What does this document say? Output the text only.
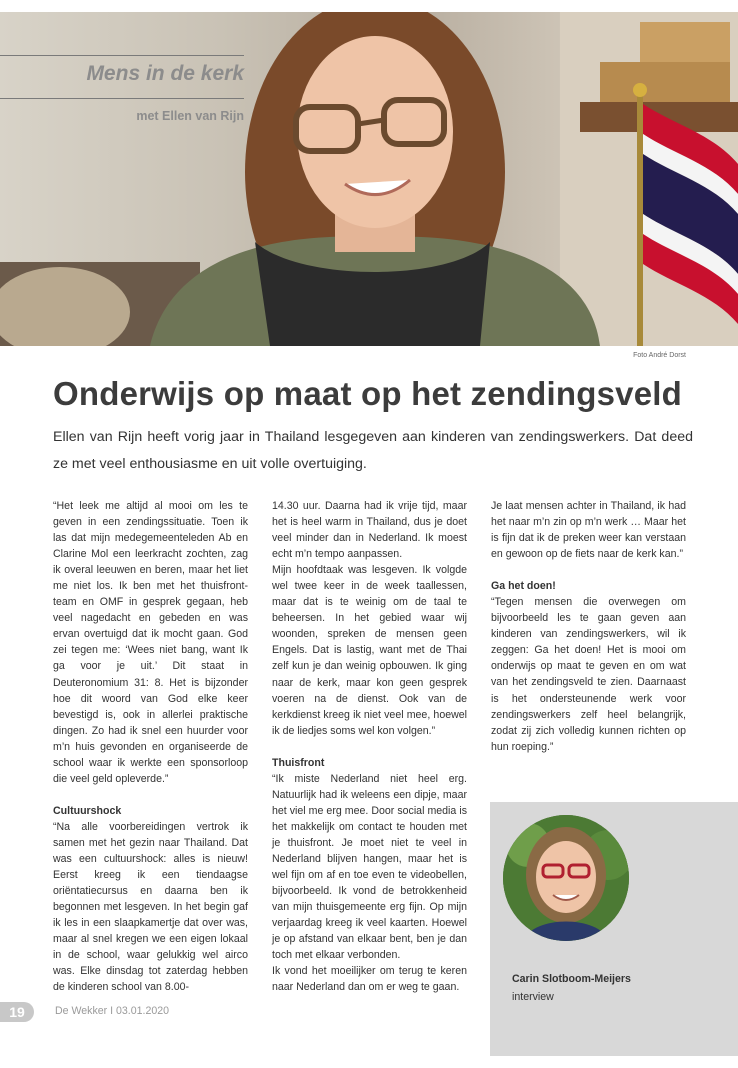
Mens in de kerk
met Ellen van Rijn
Foto André Dorst
Onderwijs op maat op het zendingsveld

Ellen van Rijn heeft vorig jaar in Thailand lesgegeven aan kinderen van zendingswerkers. Dat deed ze met veel enthousiasme en uit volle overtuiging.

“Het leek me altijd al mooi om les te geven in een zendingssituatie. Toen ik las dat mijn medegemeenteleden Ab en Clarine Mol een leerkracht zochten, zag ik overal leeuwen en beren, maar het liet me niet los. Ik ben met het thuisfront-team en OMF in gesprek gegaan, heb veel nagedacht en gebeden en was ervan overtuigd dat ik mocht gaan. God zei tegen me: ‘Wees niet bang, want Ik ga voor je uit.’ Dit staat in Deuteronomium 31: 8. Het is bijzonder hoe dit woord van God elke keer bevestigd is, ook in allerlei praktische dingen. Zo had ik snel een huurder voor m’n huis gevonden en organiseerde de school waar ik werkte een sponsorloop die veel geld opleverde.”

Cultuurshock

“Na alle voorbereidingen vertrok ik samen met het gezin naar Thailand. Dat was een cultuurshock: alles is nieuw! Eerst kreeg ik een tiendaagse oriëntatiecursus en daarna ben ik begonnen met lesgeven. In het begin gaf ik les in een slaapkamertje dat over was, maar al snel kregen we een eigen lokaal in de school, waar gelukkig wel airco was. Elke dinsdag tot zaterdag hebben de kinderen school van 8.00-

14.30 uur. Daarna had ik vrije tijd, maar het is heel warm in Thailand, dus je doet veel minder dan in Nederland. Ik moest echt m’n tempo aanpassen.

Mijn hoofdtaak was lesgeven. Ik volgde wel twee keer in de week taallessen, maar dat is te weinig om de taal te beheersen. In het gebied waar wij woonden, spreken de mensen geen Engels. Dat is lastig, want met de Thai zelf kun je dan weinig opbouwen. Ik ging naar de kerk, maar kon geen gesprek voeren na de dienst. Ook van de kerkdienst kreeg ik niet veel mee, hoewel ik de liedjes soms wel kon volgen.”

Thuisfront

“Ik miste Nederland niet heel erg. Natuurlijk had ik weleens een dipje, maar het viel me erg mee. Door social media is het makkelijk om contact te houden met je thuisfront. Je moet niet te veel in Nederland blijven hangen, maar het is wel fijn om af en toe even te videobellen, bijvoorbeeld. Ik vond de betrokkenheid van mijn thuisgemeente erg fijn. Op mijn verjaardag kreeg ik veel kaarten. Hoewel je op afstand van elkaar bent, ben je dan toch met elkaar verbonden.

Ik vond het moeilijker om terug te keren naar Nederland dan om er weg te gaan.

Je laat mensen achter in Thailand, ik had het naar m’n zin op m’n werk … Maar het is fijn dat ik de preken weer kan verstaan en gewoon op de fiets naar de kerk kan.”

Ga het doen!

“Tegen mensen die overwegen om bijvoorbeeld les te gaan geven aan kinderen van zendingswerkers, wil ik zeggen: Ga het doen! Het is mooi om onderwijs op maat te geven en om wat van het zendingsveld te zien. Daarnaast is het ondersteunende werk voor zendingswerkers zelf heel belangrijk, zodat zij zich volledig kunnen richten op hun roeping.”

Carin Slotboom-Meijers
interview
19	De Wekker I 03.01.2020
